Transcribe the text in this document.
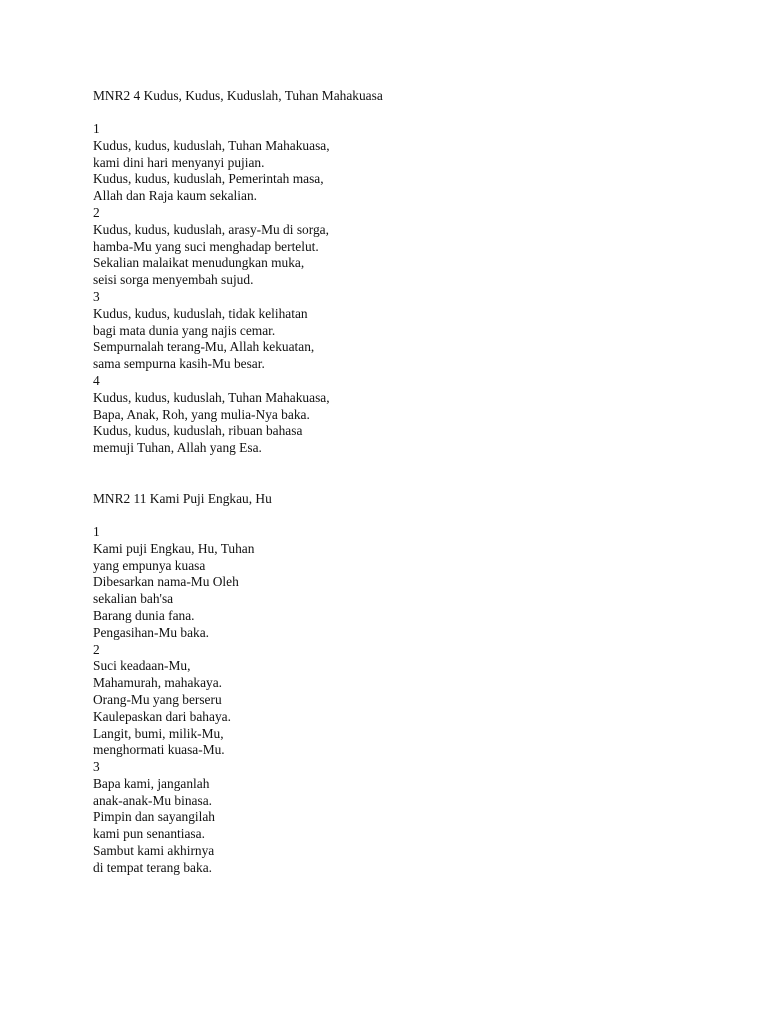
MNR2 4 Kudus, Kudus, Kuduslah, Tuhan Mahakuasa
1
Kudus, kudus, kuduslah, Tuhan Mahakuasa,
kami dini hari menyanyi pujian.
Kudus, kudus, kuduslah, Pemerintah masa,
Allah dan Raja kaum sekalian.
2
Kudus, kudus, kuduslah, arasy-Mu di sorga,
hamba-Mu yang suci menghadap bertelut.
Sekalian malaikat menudungkan muka,
seisi sorga menyembah sujud.
3
Kudus, kudus, kuduslah, tidak kelihatan
bagi mata dunia yang najis cemar.
Sempurnalah terang-Mu, Allah kekuatan,
sama sempurna kasih-Mu besar.
4
Kudus, kudus, kuduslah, Tuhan Mahakuasa,
Bapa, Anak, Roh, yang mulia-Nya baka.
Kudus, kudus, kuduslah, ribuan bahasa
memuji Tuhan, Allah yang Esa.
MNR2 11 Kami Puji Engkau, Hu
1
Kami puji Engkau, Hu, Tuhan
yang empunya kuasa
Dibesarkan nama-Mu Oleh
sekalian bah'sa
Barang dunia fana.
Pengasihan-Mu baka.
2
Suci keadaan-Mu,
Mahamurah, mahakaya.
Orang-Mu yang berseru
Kaulepaskan dari bahaya.
Langit, bumi, milik-Mu,
menghormati kuasa-Mu.
3
Bapa kami, janganlah
anak-anak-Mu binasa.
Pimpin dan sayangilah
kami pun senantiasa.
Sambut kami akhirnya
di tempat terang baka.
